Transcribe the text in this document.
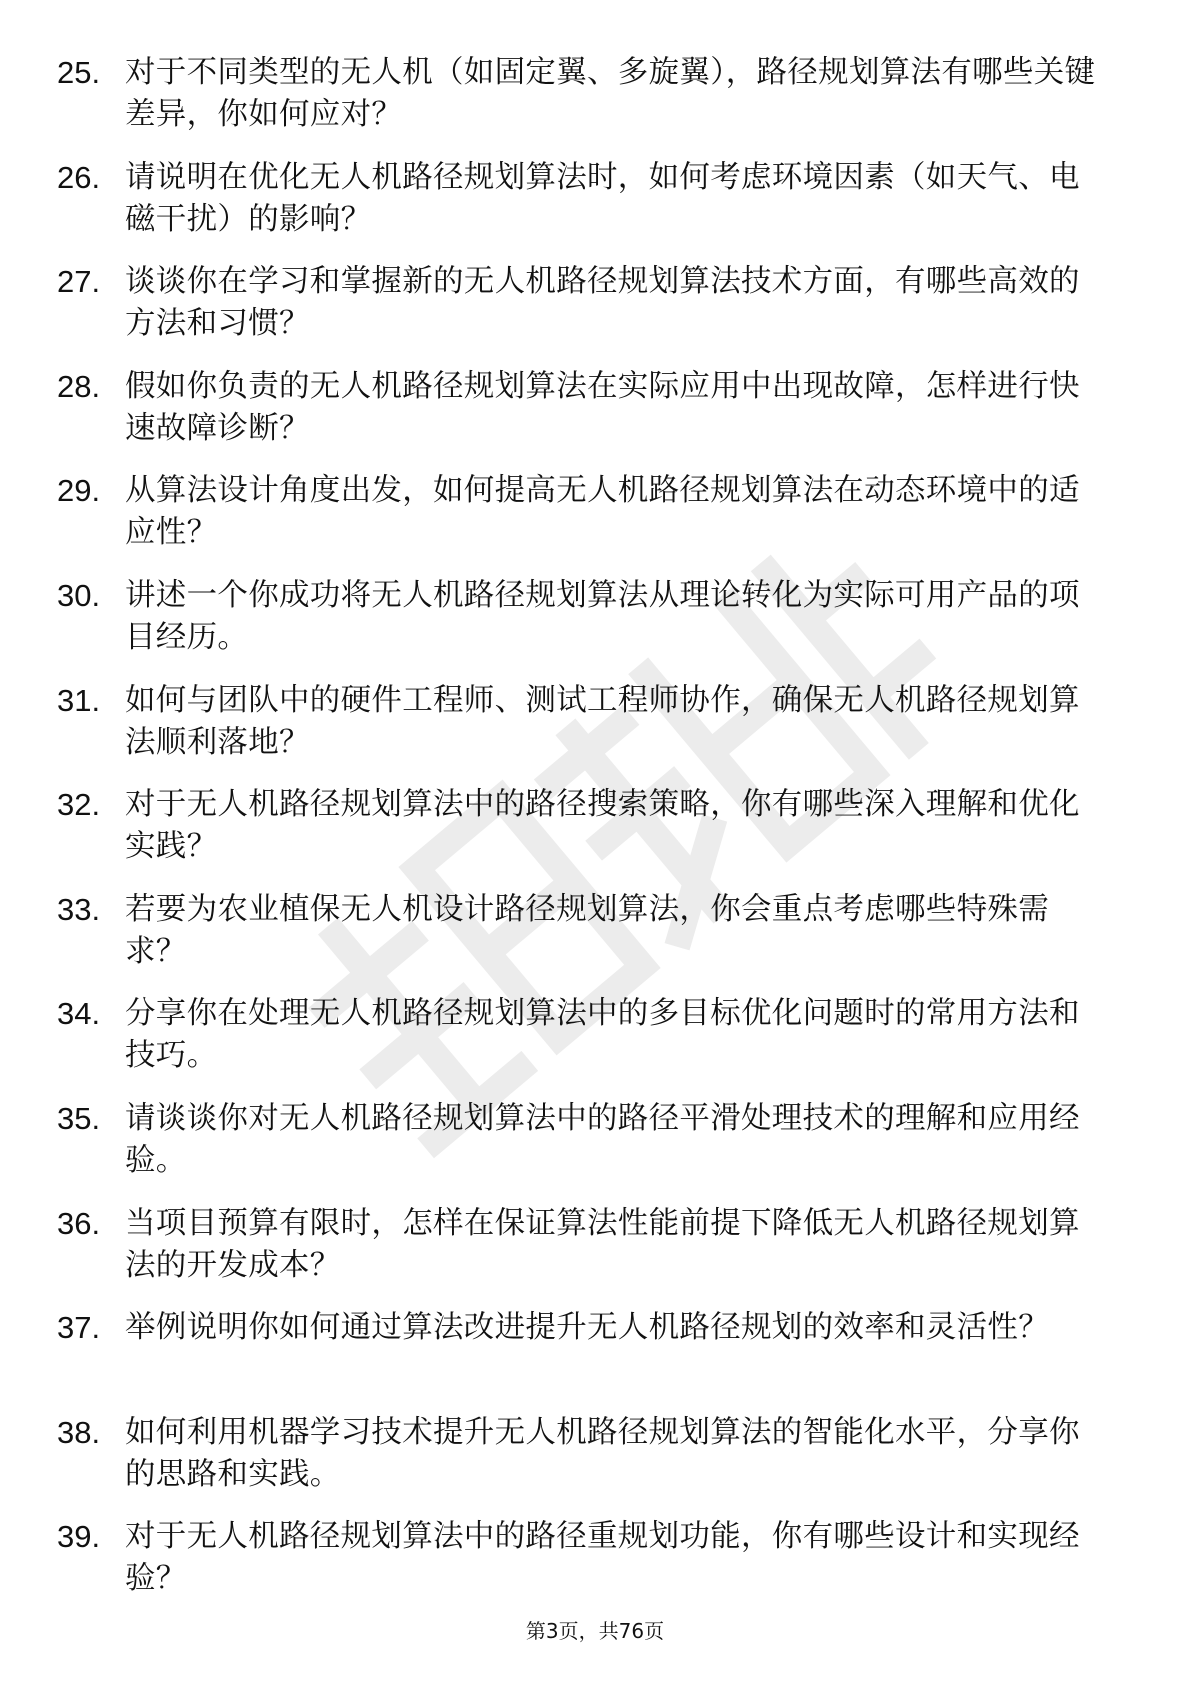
25. 对于不同类型的无人机（如固定翼、多旋翼），路径规划算法有哪些关键差异，你如何应对？
26. 请说明在优化无人机路径规划算法时，如何考虑环境因素（如天气、电磁干扰）的影响？
27. 谈谈你在学习和掌握新的无人机路径规划算法技术方面，有哪些高效的方法和习惯？
28. 假如你负责的无人机路径规划算法在实际应用中出现故障，怎样进行快速故障诊断？
29. 从算法设计角度出发，如何提高无人机路径规划算法在动态环境中的适应性？
30. 讲述一个你成功将无人机路径规划算法从理论转化为实际可用产品的项目经历。
31. 如何与团队中的硬件工程师、测试工程师协作，确保无人机路径规划算法顺利落地？
32. 对于无人机路径规划算法中的路径搜索策略，你有哪些深入理解和优化实践？
33. 若要为农业植保无人机设计路径规划算法，你会重点考虑哪些特殊需求？
34. 分享你在处理无人机路径规划算法中的多目标优化问题时的常用方法和技巧。
35. 请谈谈你对无人机路径规划算法中的路径平滑处理技术的理解和应用经验。
36. 当项目预算有限时，怎样在保证算法性能前提下降低无人机路径规划算法的开发成本？
37. 举例说明你如何通过算法改进提升无人机路径规划的效率和灵活性？
38. 如何利用机器学习技术提升无人机路径规划算法的智能化水平，分享你的思路和实践。
39. 对于无人机路径规划算法中的路径重规划功能，你有哪些设计和实现经验？
第3页，共76页
